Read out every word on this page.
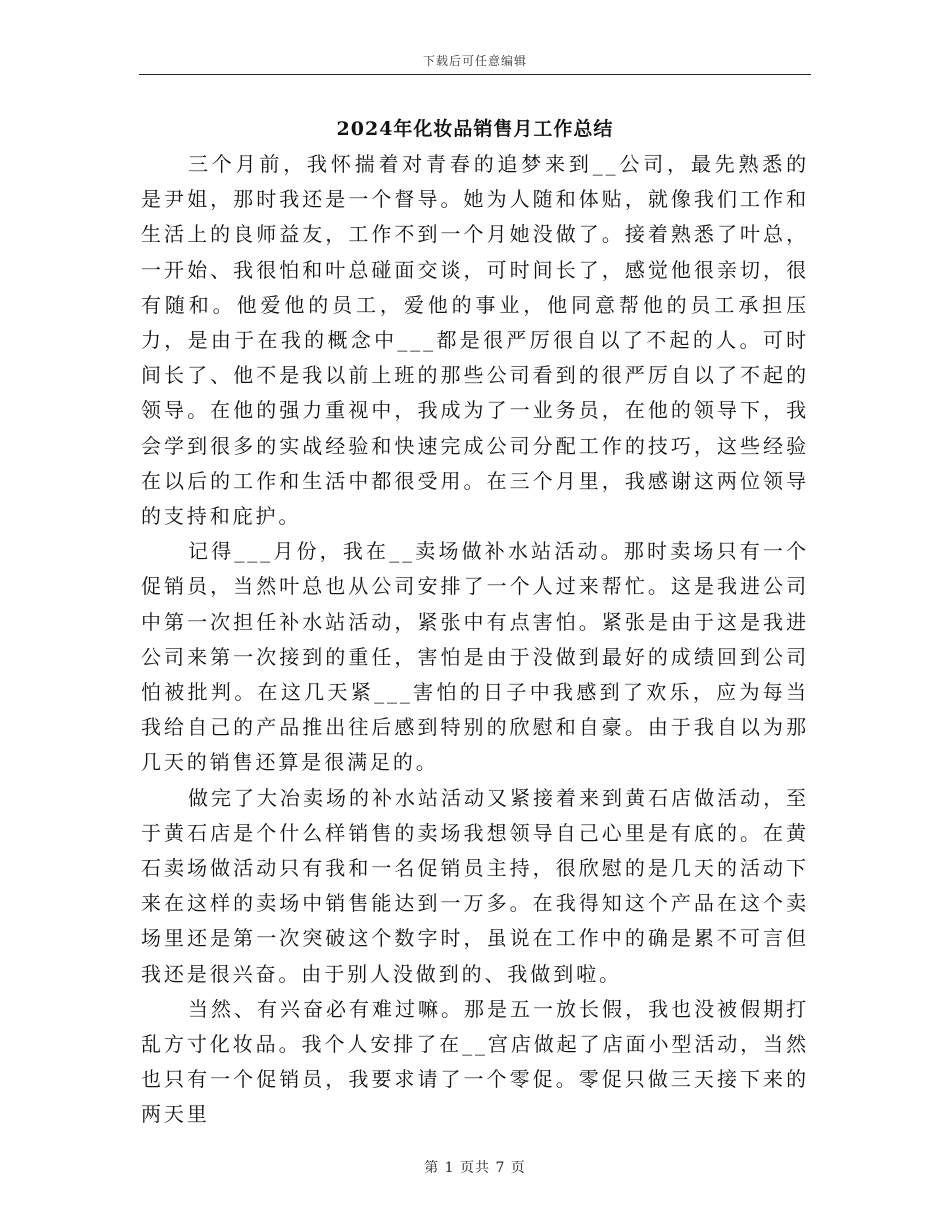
下载后可任意编辑
2024年化妆品销售月工作总结

三个月前，我怀揣着对青春的追梦来到__公司，最先熟悉的是尹姐，那时我还是一个督导。她为人随和体贴，就像我们工作和生活上的良师益友，工作不到一个月她没做了。接着熟悉了叶总，一开始、我很怕和叶总碰面交谈，可时间长了，感觉他很亲切，很有随和。他爱他的员工，爱他的事业，他同意帮他的员工承担压力，是由于在我的概念中___都是很严厉很自以了不起的人。可时间长了、他不是我以前上班的那些公司看到的很严厉自以了不起的领导。在他的强力重视中，我成为了一业务员，在他的领导下，我会学到很多的实战经验和快速完成公司分配工作的技巧，这些经验在以后的工作和生活中都很受用。在三个月里，我感谢这两位领导的支持和庇护。

记得___月份，我在__卖场做补水站活动。那时卖场只有一个促销员，当然叶总也从公司安排了一个人过来帮忙。这是我进公司中第一次担任补水站活动，紧张中有点害怕。紧张是由于这是我进公司来第一次接到的重任，害怕是由于没做到最好的成绩回到公司怕被批判。在这几天紧___害怕的日子中我感到了欢乐，应为每当我给自己的产品推出往后感到特别的欣慰和自豪。由于我自以为那几天的销售还算是很满足的。

做完了大冶卖场的补水站活动又紧接着来到黄石店做活动，至于黄石店是个什么样销售的卖场我想领导自己心里是有底的。在黄石卖场做活动只有我和一名促销员主持，很欣慰的是几天的活动下来在这样的卖场中销售能达到一万多。在我得知这个产品在这个卖场里还是第一次突破这个数字时，虽说在工作中的确是累不可言但我还是很兴奋。由于别人没做到的、我做到啦。

当然、有兴奋必有难过嘛。那是五一放长假，我也没被假期打乱方寸化妆品。我个人安排了在__宫店做起了店面小型活动，当然也只有一个促销员，我要求请了一个零促。零促只做三天接下来的两天里

第 1 页共 7 页
